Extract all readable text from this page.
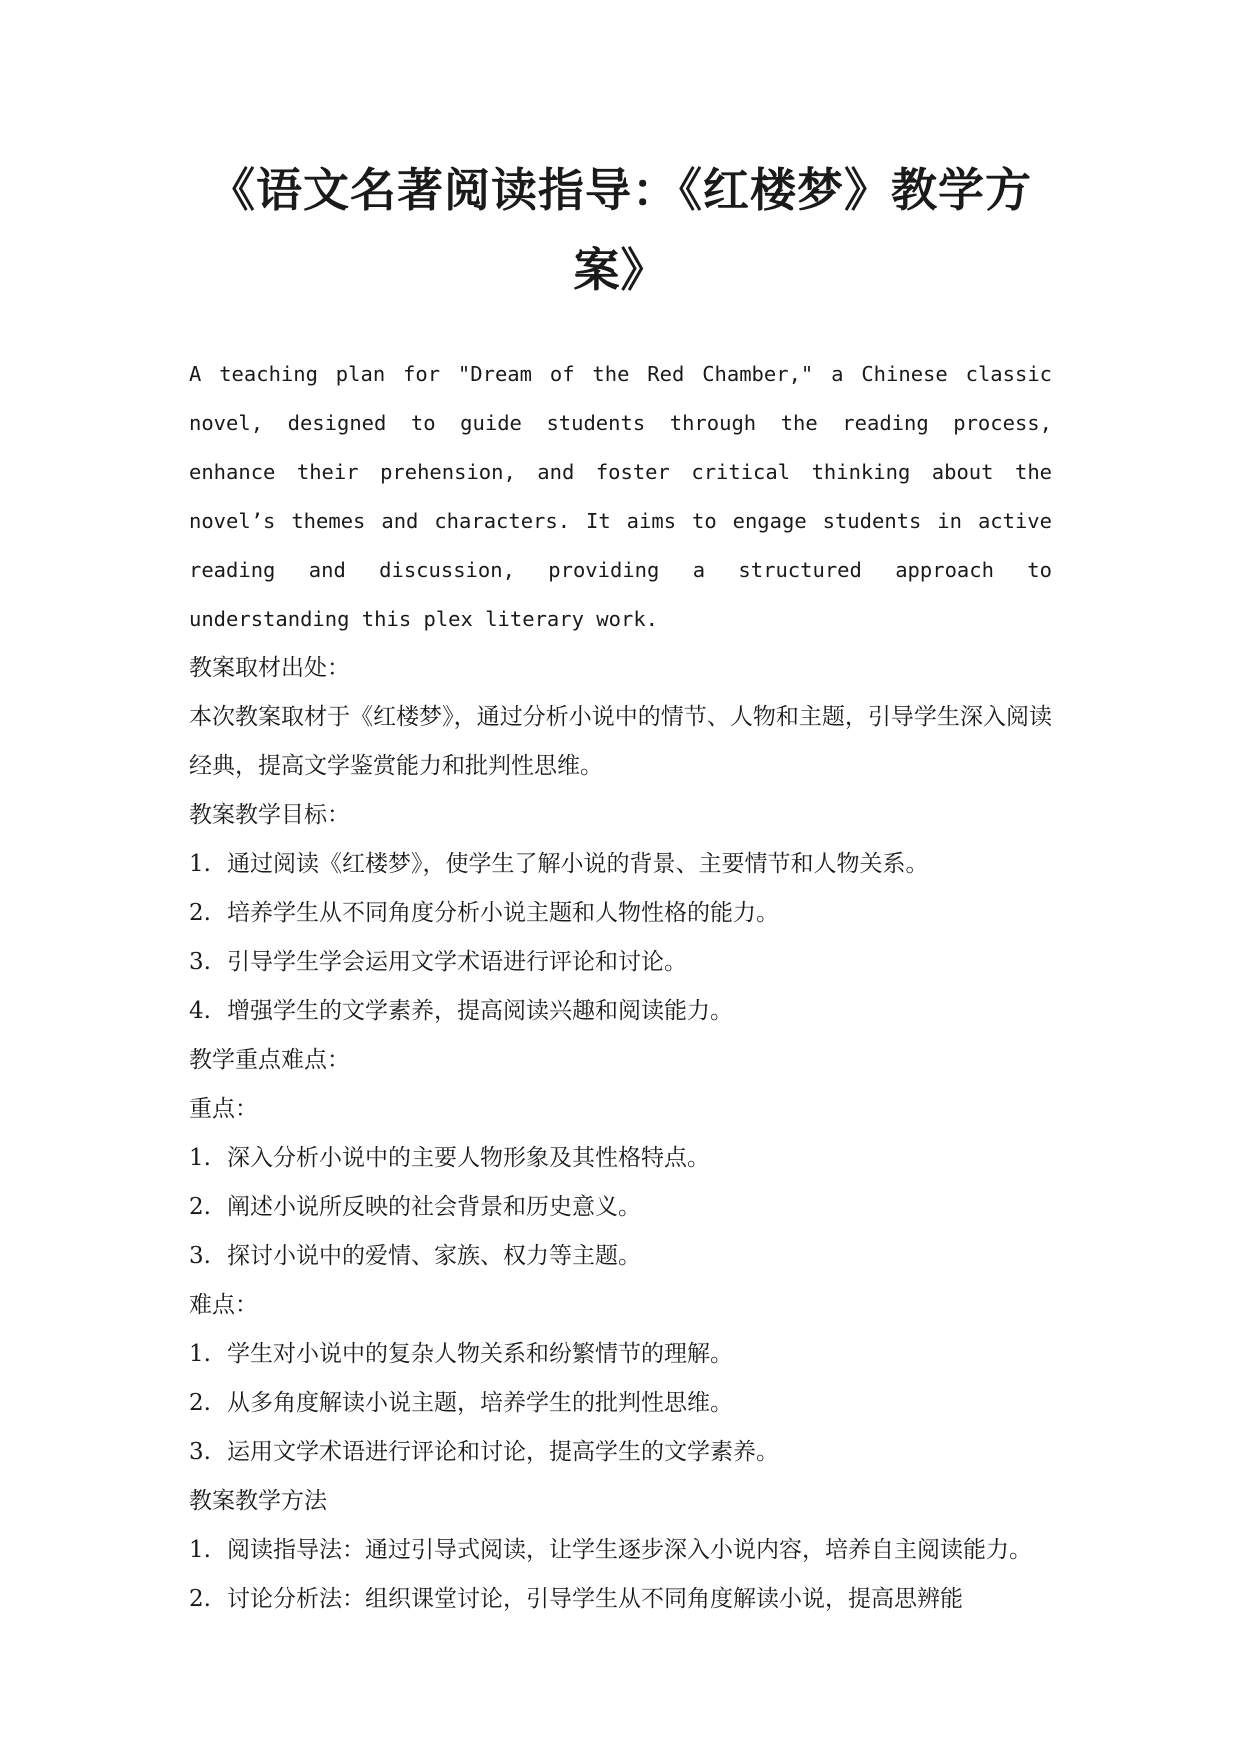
《语文名著阅读指导：《红楼梦》教学方案》

A teaching plan for "Dream of the Red Chamber," a Chinese classic novel, designed to guide students through the reading process, enhance their prehension, and foster critical thinking about the novel’s themes and characters. It aims to engage students in active reading and discussion, providing a structured approach to understanding this plex literary work.

教案取材出处：

本次教案取材于《红楼梦》，通过分析小说中的情节、人物和主题，引导学生深入阅读经典，提高文学鉴赏能力和批判性思维。

教案教学目标：

1. 通过阅读《红楼梦》，使学生了解小说的背景、主要情节和人物关系。

2. 培养学生从不同角度分析小说主题和人物性格的能力。

3. 引导学生学会运用文学术语进行评论和讨论。

4. 增强学生的文学素养，提高阅读兴趣和阅读能力。

教学重点难点：

重点：

1. 深入分析小说中的主要人物形象及其性格特点。

2. 阐述小说所反映的社会背景和历史意义。

3. 探讨小说中的爱情、家族、权力等主题。

难点：

1. 学生对小说中的复杂人物关系和纷繁情节的理解。

2. 从多角度解读小说主题，培养学生的批判性思维。

3. 运用文学术语进行评论和讨论，提高学生的文学素养。

教案教学方法

1. 阅读指导法：通过引导式阅读，让学生逐步深入小说内容，培养自主阅读能力。

2. 讨论分析法：组织课堂讨论，引导学生从不同角度解读小说，提高思辨能
